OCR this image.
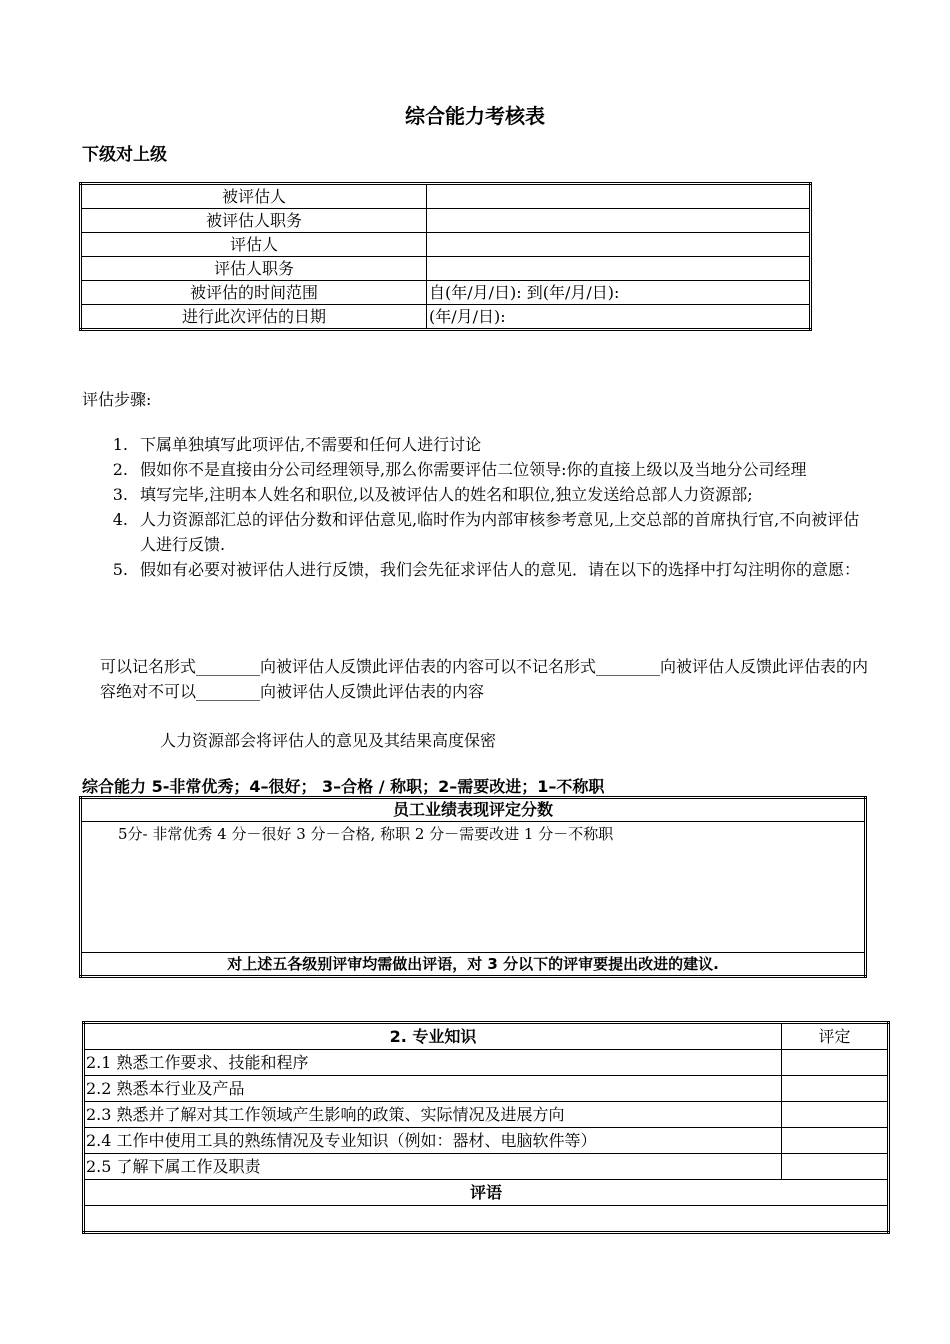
综合能力考核表
下级对上级
被评估人	
被评估人职务	
评估人	
评估人职务	
被评估的时间范围	自(年/月/日): 到(年/月/日):
进行此次评估的日期	(年/月/日):
评估步骤:
1. 下属单独填写此项评估,不需要和任何人进行讨论
2. 假如你不是直接由分公司经理领导,那么你需要评估二位领导:你的直接上级以及当地分公司经理
3. 填写完毕,注明本人姓名和职位,以及被评估人的姓名和职位,独立发送给总部人力资源部;
4. 人力资源部汇总的评估分数和评估意见,临时作为内部审核参考意见,上交总部的首席执行官,不向被评估人进行反馈.
5. 假如有必要对被评估人进行反馈，我们会先征求评估人的意见．请在以下的选择中打勾注明你的意愿：
可以记名形式________向被评估人反馈此评估表的内容可以不记名形式________向被评估人反馈此评估表的内容绝对不可以________向被评估人反馈此评估表的内容
人力资源部会将评估人的意见及其结果高度保密
综合能力 5-非常优秀；4–很好； 3–合格 / 称职；2–需要改进；1–不称职
员工业绩表现评定分数
5分- 非常优秀 4 分－很好 3 分－合格, 称职 2 分－需要改进 1 分－不称职
对上述五各级别评审均需做出评语，对 3 分以下的评审要提出改进的建议.
2. 专业知识	评定
2.1 熟悉工作要求、技能和程序	
2.2 熟悉本行业及产品	
2.3 熟悉并了解对其工作领域产生影响的政策、实际情况及进展方向	
2.4 工作中使用工具的熟练情况及专业知识（例如：器材、电脑软件等）	
2.5 了解下属工作及职责	
评语	
